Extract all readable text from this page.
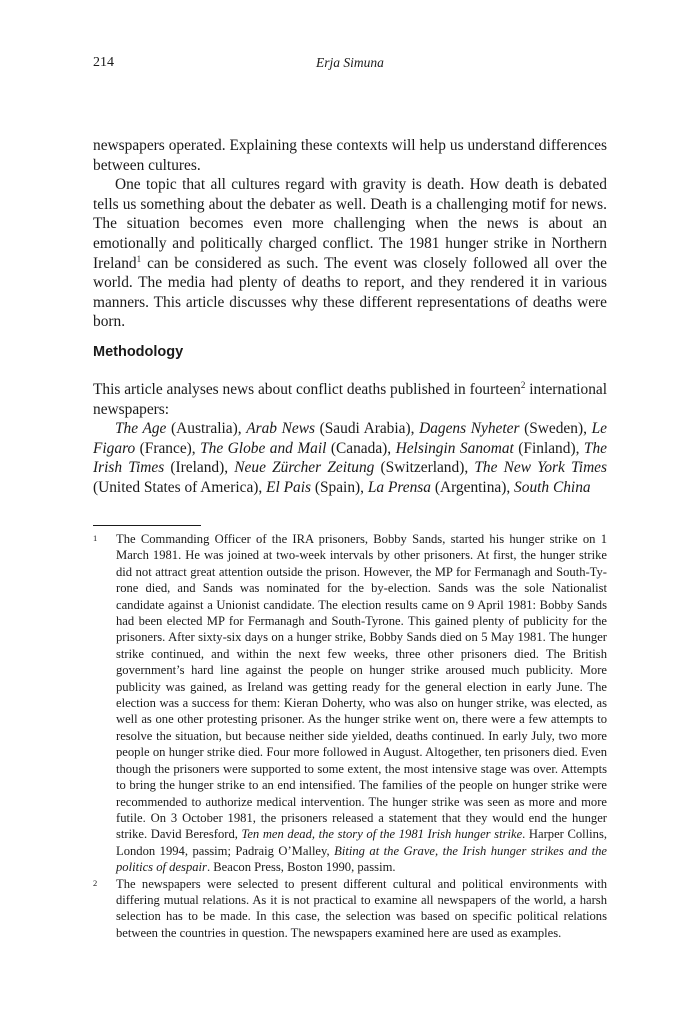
214	Erja Simuna

newspapers operated. Explaining these contexts will help us understand differences between cultures.

One topic that all cultures regard with gravity is death. How death is debated tells us something about the debater as well. Death is a challenging motif for news. The situation becomes even more challenging when the news is about an emotionally and politically charged conflict. The 1981 hunger strike in Northern Ireland$^1$ can be considered as such. The event was closely followed all over the world. The media had plenty of deaths to report, and they rendered it in various manners. This article discusses why these different representations of deaths were born.

Methodology

This article analyses news about conflict deaths published in fourteen$^2$ international newspapers:

The Age (Australia), Arab News (Saudi Arabia), Dagens Nyheter (Sweden), Le Figaro (France), The Globe and Mail (Canada), Helsingin Sanomat (Finland), The Irish Times (Ireland), Neue Zürcher Zeitung (Switzerland), The New York Times (United States of America), El Pais (Spain), La Prensa (Argentina), South China

1 The Commanding Officer of the IRA prisoners, Bobby Sands, started his hunger strike on 1 March 1981. He was joined at two-week intervals by other prisoners. At first, the hunger strike did not attract great attention outside the prison. However, the MP for Fermanagh and South-Tyrone died, and Sands was nominated for the by-election. Sands was the sole Nationalist candidate against a Unionist candidate. The election results came on 9 April 1981: Bobby Sands had been elected MP for Fermanagh and South-Tyrone. This gained plenty of publicity for the prisoners. After sixty-six days on a hunger strike, Bobby Sands died on 5 May 1981. The hunger strike continued, and within the next few weeks, three other prisoners died. The British government’s hard line against the people on hunger strike aroused much publicity. More publicity was gained, as Ireland was getting ready for the general election in early June. The election was a success for them: Kieran Doherty, who was also on hunger strike, was elected, as well as one other protesting prisoner. As the hunger strike went on, there were a few attempts to resolve the situation, but because neither side yielded, deaths continued. In early July, two more people on hunger strike died. Four more followed in August. Altogether, ten prisoners died. Even though the prisoners were supported to some extent, the most intensive stage was over. Attempts to bring the hunger strike to an end intensified. The families of the people on hunger strike were recommended to authorize medical intervention. The hunger strike was seen as more and more futile. On 3 October 1981, the prisoners released a statement that they would end the hunger strike. David Beresford, Ten men dead, the story of the 1981 Irish hunger strike. Harper Collins, London 1994, passim; Padraig O’Malley, Biting at the Grave, the Irish hunger strikes and the politics of despair. Beacon Press, Boston 1990, passim.

2 The newspapers were selected to present different cultural and political environments with differing mutual relations. As it is not practical to examine all newspapers of the world, a harsh selection has to be made. In this case, the selection was based on specific political relations between the countries in question. The newspapers examined here are used as examples.
